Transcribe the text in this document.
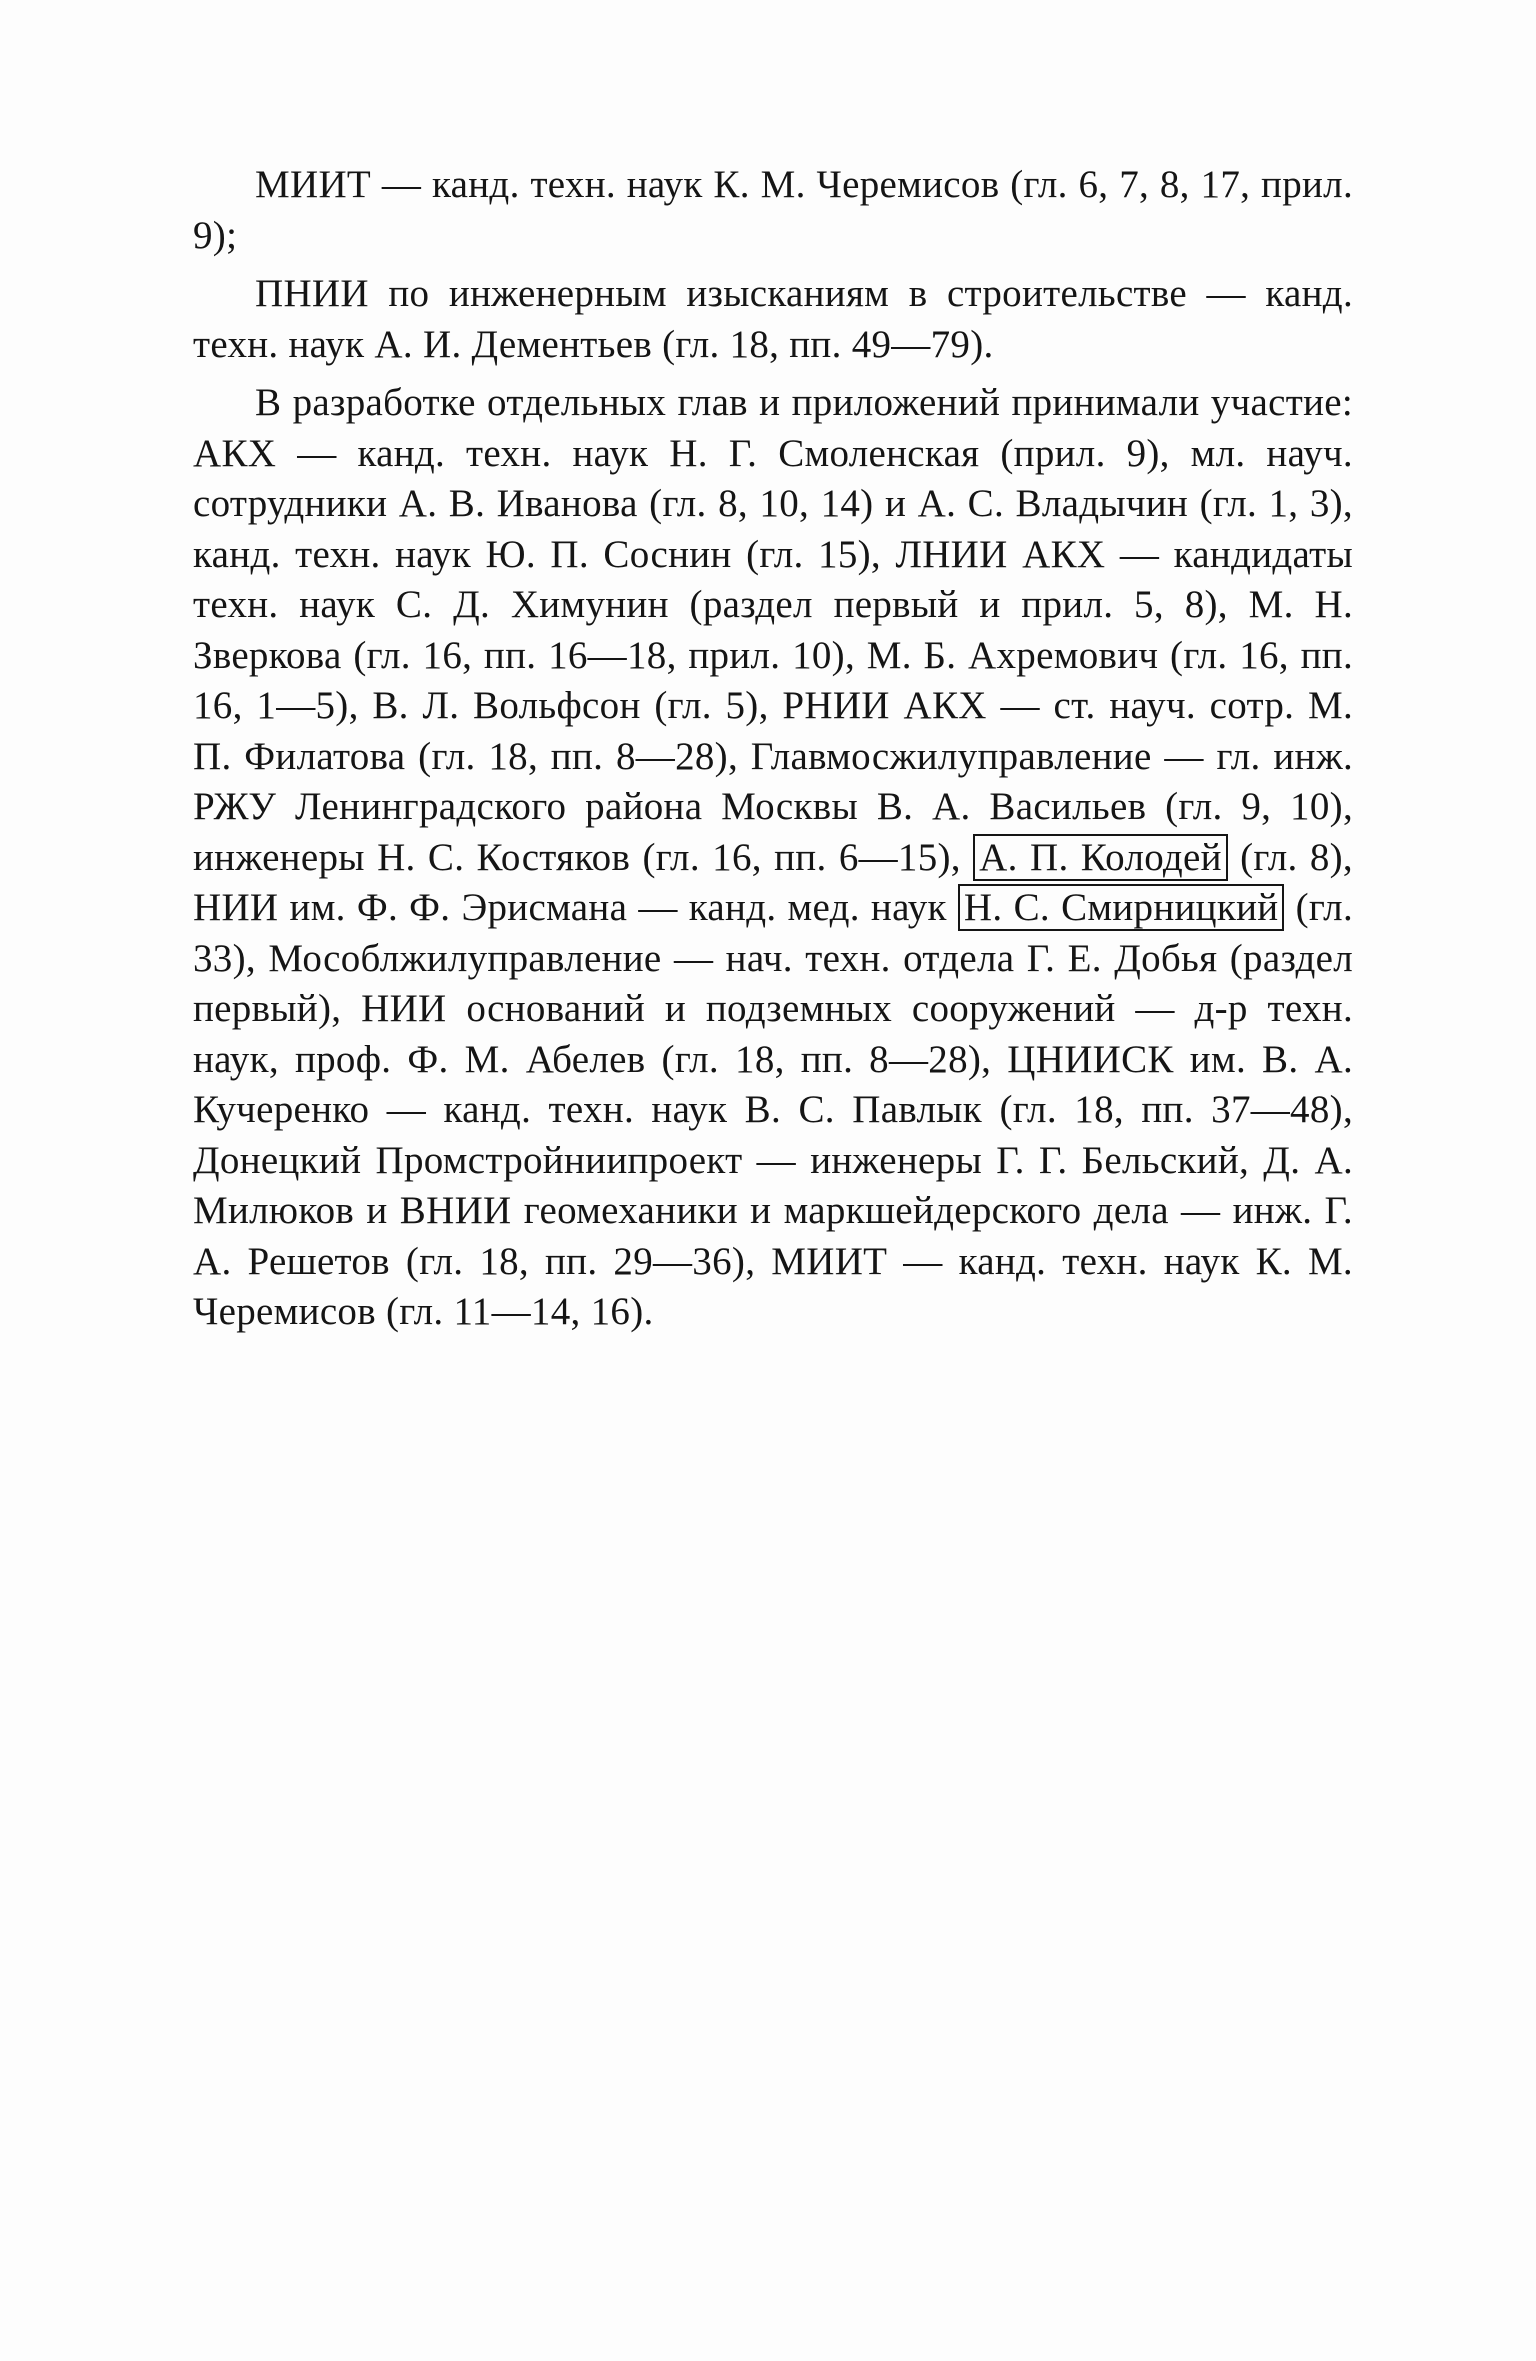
МИИТ — канд. техн. наук К. М. Черемисов (гл. 6, 7, 8, 17, прил. 9);

ПНИИ по инженерным изысканиям в строительстве — канд. техн. наук А. И. Дементьев (гл. 18, пп. 49—79).

В разработке отдельных глав и приложений принимали участие: АКХ — канд. техн. наук Н. Г. Смоленская (прил. 9), мл. науч. сотрудники А. В. Иванова (гл. 8, 10, 14) и А. С. Владычин (гл. 1, 3), канд. техн. наук Ю. П. Соснин (гл. 15), ЛНИИ АКХ — кандидаты техн. наук С. Д. Химунин (раздел первый и прил. 5, 8), М. Н. Зверкова (гл. 16, пп. 16—18, прил. 10), М. Б. Ахремович (гл. 16, пп. 16, 1—5), В. Л. Вольфсон (гл. 5), РНИИ АКХ — ст. науч. сотр. М. П. Филатова (гл. 18, пп. 8—28), Главмосжилуправление — гл. инж. РЖУ Ленинградского района Москвы В. А. Васильев (гл. 9, 10), инженеры Н. С. Костяков (гл. 16, пп. 6—15), А. П. Колодей (гл. 8), НИИ им. Ф. Ф. Эрисмана — канд. мед. наук Н. С. Смирницкий (гл. 33), Мособлжилуправление — нач. техн. отдела Г. Е. Добья (раздел первый), НИИ оснований и подземных сооружений — д-р техн. наук, проф. Ф. М. Абелев (гл. 18, пп. 8—28), ЦНИИСК им. В. А. Кучеренко — канд. техн. наук В. С. Павлык (гл. 18, пп. 37—48), Донецкий Промстройниипроект — инженеры Г. Г. Бельский, Д. А. Милюков и ВНИИ геомеханики и маркшейдерского дела — инж. Г. А. Решетов (гл. 18, пп. 29—36), МИИТ — канд. техн. наук К. М. Черемисов (гл. 11—14, 16).
